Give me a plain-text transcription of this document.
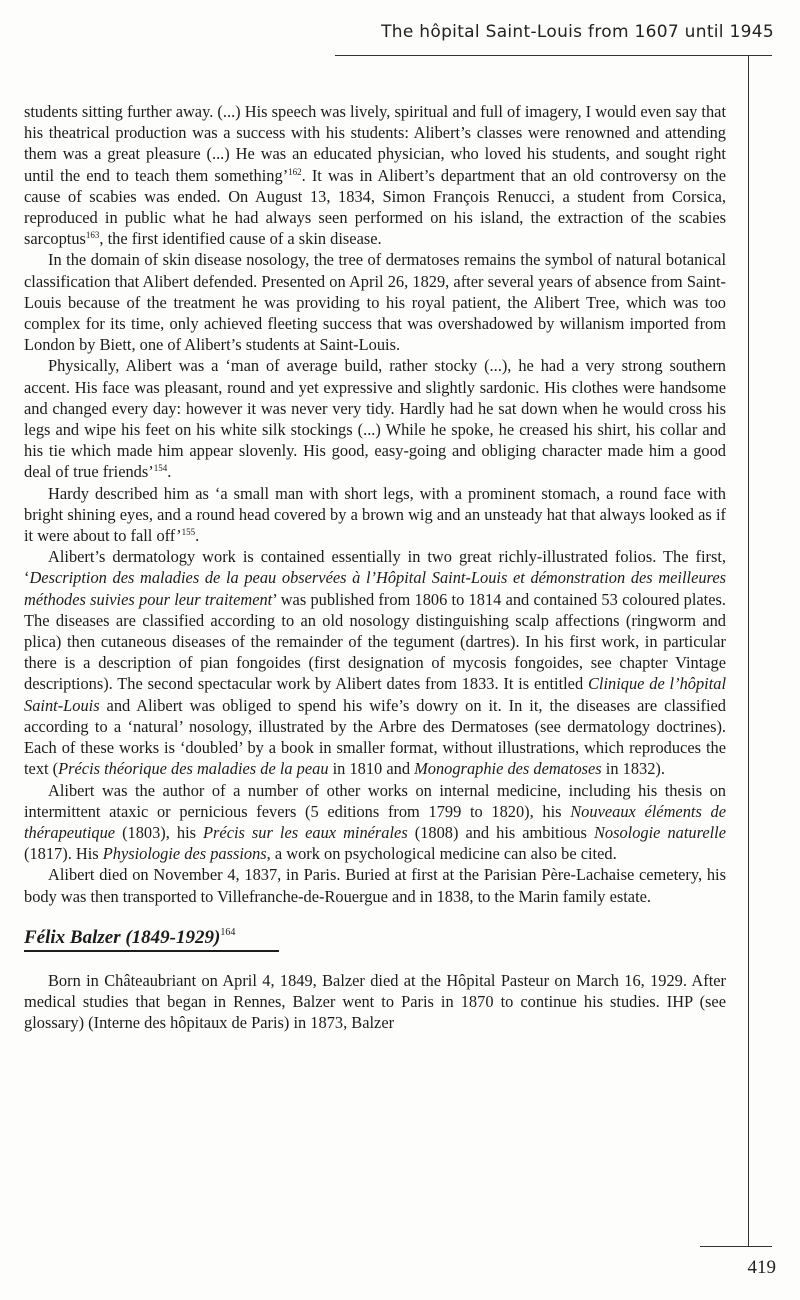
The hôpital Saint-Louis from 1607 until 1945

students sitting further away. (...) His speech was lively, spiritual and full of imagery, I would even say that his theatrical production was a success with his students: Alibert’s classes were renowned and attending them was a great pleasure (...) He was an educated physician, who loved his students, and sought right until the end to teach them something’$^{162}$. It was in Alibert’s department that an old controversy on the cause of scabies was ended. On August 13, 1834, Simon François Renucci, a student from Corsica, reproduced in public what he had always seen performed on his island, the extraction of the scabies sarcoptus$^{163}$, the first identified cause of a skin disease.

In the domain of skin disease nosology, the tree of dermatoses remains the symbol of natural botanical classification that Alibert defended. Presented on April 26, 1829, after several years of absence from Saint-Louis because of the treatment he was providing to his royal patient, the Alibert Tree, which was too complex for its time, only achieved fleeting success that was overshadowed by willanism imported from London by Biett, one of Alibert’s students at Saint-Louis.

Physically, Alibert was a ‘man of average build, rather stocky (...), he had a very strong southern accent. His face was pleasant, round and yet expressive and slightly sardonic. His clothes were handsome and changed every day: however it was never very tidy. Hardly had he sat down when he would cross his legs and wipe his feet on his white silk stockings (...) While he spoke, he creased his shirt, his collar and his tie which made him appear slovenly. His good, easy-going and obliging character made him a good deal of true friends’$^{154}$.

Hardy described him as ‘a small man with short legs, with a prominent stomach, a round face with bright shining eyes, and a round head covered by a brown wig and an unsteady hat that always looked as if it were about to fall off’$^{155}$.

Alibert’s dermatology work is contained essentially in two great richly-illustrated folios. The first, ‘Description des maladies de la peau observées à l’Hôpital Saint-Louis et démonstration des meilleures méthodes suivies pour leur traitement’ was published from 1806 to 1814 and contained 53 coloured plates. The diseases are classified according to an old nosology distinguishing scalp affections (ringworm and plica) then cutaneous diseases of the remainder of the tegument (dartres). In his first work, in particular there is a description of pian fongoides (first designation of mycosis fongoides, see chapter Vintage descriptions). The second spectacular work by Alibert dates from 1833. It is entitled Clinique de l’hôpital Saint-Louis and Alibert was obliged to spend his wife’s dowry on it. In it, the diseases are classified according to a ‘natural’ nosology, illustrated by the Arbre des Dermatoses (see dermatology doctrines). Each of these works is ‘doubled’ by a book in smaller format, without illustrations, which reproduces the text (Précis théorique des maladies de la peau in 1810 and Monographie des dematoses in 1832).

Alibert was the author of a number of other works on internal medicine, including his thesis on intermittent ataxic or pernicious fevers (5 editions from 1799 to 1820), his Nouveaux éléments de thérapeutique (1803), his Précis sur les eaux minérales (1808) and his ambitious Nosologie naturelle (1817). His Physiologie des passions, a work on psychological medicine can also be cited.

Alibert died on November 4, 1837, in Paris. Buried at first at the Parisian Père-Lachaise cemetery, his body was then transported to Villefranche-de-Rouergue and in 1838, to the Marin family estate.

Félix Balzer (1849-1929)$^{164}$

Born in Châteaubriant on April 4, 1849, Balzer died at the Hôpital Pasteur on March 16, 1929. After medical studies that began in Rennes, Balzer went to Paris in 1870 to continue his studies. IHP (see glossary) (Interne des hôpitaux de Paris) in 1873, Balzer

419
